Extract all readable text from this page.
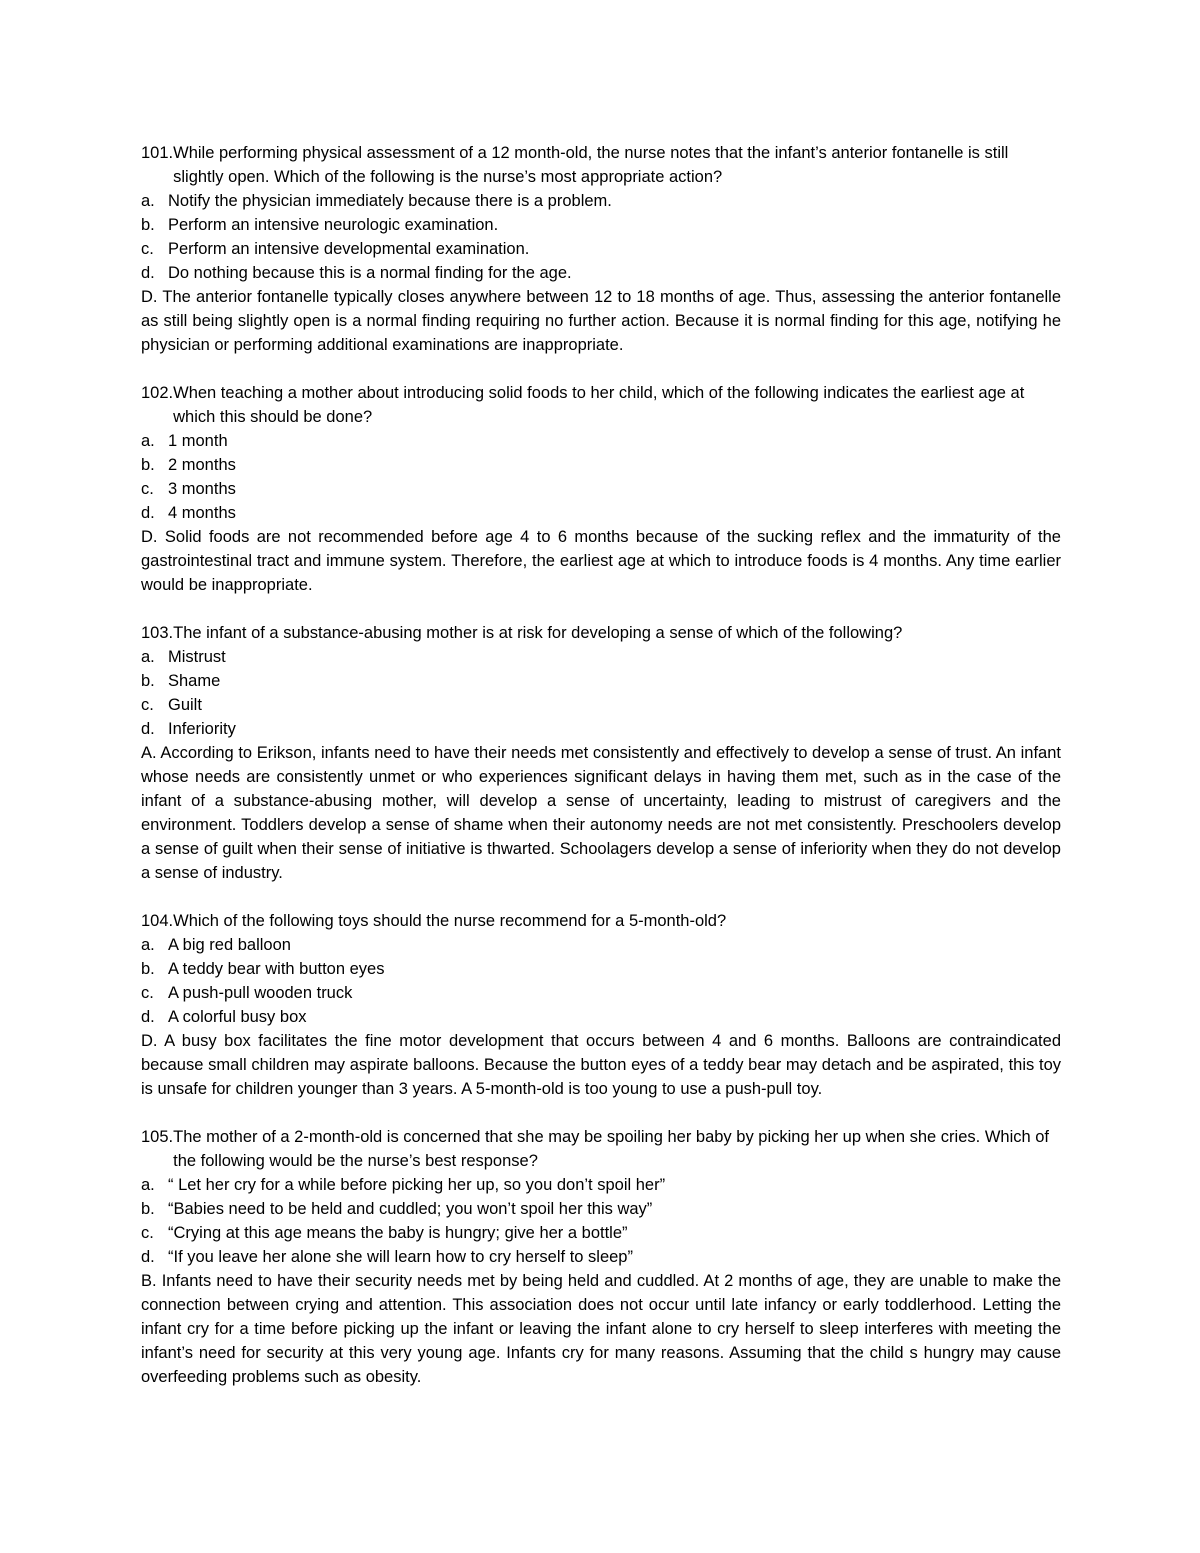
101. While performing physical assessment of a 12 month-old, the nurse notes that the infant’s anterior fontanelle is still slightly open. Which of the following is the nurse’s most appropriate action?

a. Notify the physician immediately because there is a problem.
b. Perform an intensive neurologic examination.
c. Perform an intensive developmental examination.
d. Do nothing because this is a normal finding for the age.

D. The anterior fontanelle typically closes anywhere between 12 to 18 months of age. Thus, assessing the anterior fontanelle as still being slightly open is a normal finding requiring no further action. Because it is normal finding for this age, notifying he physician or performing additional examinations are inappropriate.

102. When teaching a mother about introducing solid foods to her child, which of the following indicates the earliest age at which this should be done?

a. 1 month
b. 2 months
c. 3 months
d. 4 months

D. Solid foods are not recommended before age 4 to 6 months because of the sucking reflex and the immaturity of the gastrointestinal tract and immune system. Therefore, the earliest age at which to introduce foods is 4 months. Any time earlier would be inappropriate.

103. The infant of a substance-abusing mother is at risk for developing a sense of which of the following?

a. Mistrust
b. Shame
c. Guilt
d. Inferiority

A. According to Erikson, infants need to have their needs met consistently and effectively to develop a sense of trust. An infant whose needs are consistently unmet or who experiences significant delays in having them met, such as in the case of the infant of a substance-abusing mother, will develop a sense of uncertainty, leading to mistrust of caregivers and the environment. Toddlers develop a sense of shame when their autonomy needs are not met consistently. Preschoolers develop a sense of guilt when their sense of initiative is thwarted. Schoolagers develop a sense of inferiority when they do not develop a sense of industry.

104. Which of the following toys should the nurse recommend for a 5-month-old?

a. A big red balloon
b. A teddy bear with button eyes
c. A push-pull wooden truck
d. A colorful busy box

D. A busy box facilitates the fine motor development that occurs between 4 and 6 months. Balloons are contraindicated because small children may aspirate balloons. Because the button eyes of a teddy bear may detach and be aspirated, this toy is unsafe for children younger than 3 years. A 5-month-old is too young to use a push-pull toy.

105. The mother of a 2-month-old is concerned that she may be spoiling her baby by picking her up when she cries. Which of the following would be the nurse’s best response?

a. “ Let her cry for a while before picking her up, so you don’t spoil her”
b. “Babies need to be held and cuddled; you won’t spoil her this way”
c. “Crying at this age means the baby is hungry; give her a bottle”
d. “If you leave her alone she will learn how to cry herself to sleep”

B. Infants need to have their security needs met by being held and cuddled. At 2 months of age, they are unable to make the connection between crying and attention. This association does not occur until late infancy or early toddlerhood. Letting the infant cry for a time before picking up the infant or leaving the infant alone to cry herself to sleep interferes with meeting the infant’s need for security at this very young age. Infants cry for many reasons. Assuming that the child s hungry may cause overfeeding problems such as obesity.
